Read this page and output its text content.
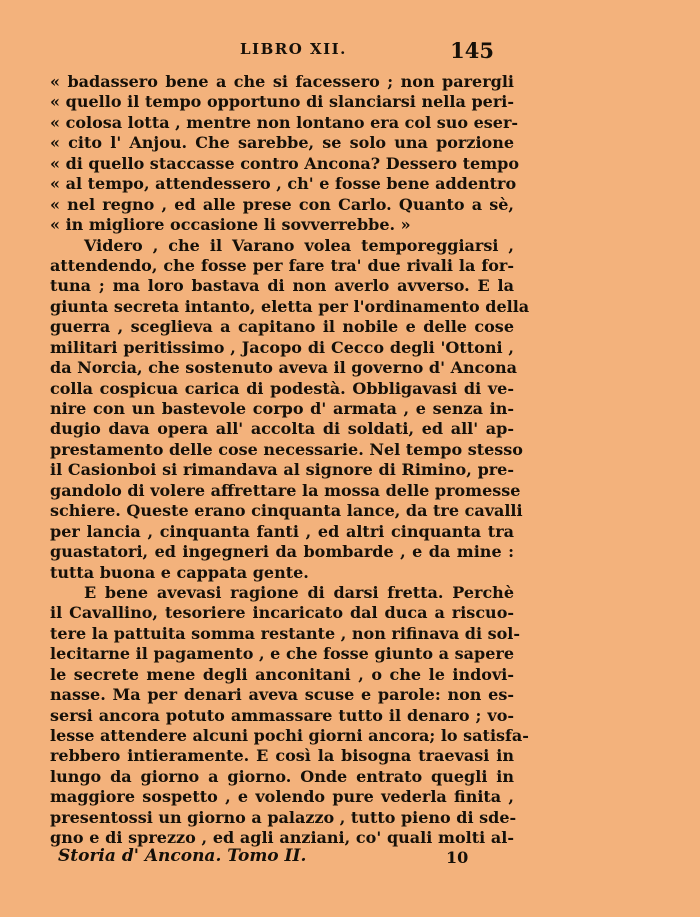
LIBRO XII.	145
« badassero bene a che si facessero ; non parergli
« quello il tempo opportuno di slanciarsi nella peri-
« colosa lotta , mentre non lontano era col suo eser-
« cito l' Anjou. Che sarebbe, se solo una porzione
« di quello staccasse contro Ancona? Dessero tempo
« al tempo, attendessero , ch' e fosse bene addentro
« nel regno , ed alle prese con Carlo. Quanto a sè,
« in migliore occasione li sovverrebbe. »
Videro , che il Varano volea temporeggiarsi ,
attendendo, che fosse per fare tra' due rivali la for-
tuna ; ma loro bastava di non averlo avverso. E la
giunta secreta intanto, eletta per l'ordinamento della
guerra , sceglieva a capitano il nobile e delle cose
militari peritissimo , Jacopo di Cecco degli 'Ottoni ,
da Norcia, che sostenuto aveva il governo d' Ancona
colla cospicua carica di podestà. Obbligavasi di ve-
nire con un bastevole corpo d' armata , e senza in-
dugio dava opera all' accolta di soldati, ed all' ap-
prestamento delle cose necessarie. Nel tempo stesso
il Casionboi si rimandava al signore di Rimino, pre-
gandolo di volere affrettare la mossa delle promesse
schiere. Queste erano cinquanta lance, da tre cavalli
per lancia , cinquanta fanti , ed altri cinquanta tra
guastatori, ed ingegneri da bombarde , e da mine :
tutta buona e cappata gente.
E bene avevasi ragione di darsi fretta. Perchè
il Cavallino, tesoriere incaricato dal duca a riscuo-
tere la pattuita somma restante , non rifinava di sol-
lecitarne il pagamento , e che fosse giunto a sapere
le secrete mene degli anconitani , o che le indovi-
nasse. Ma per denari aveva scuse e parole: non es-
sersi ancora potuto ammassare tutto il denaro ; vo-
lesse attendere alcuni pochi giorni ancora; lo satisfa-
rebbero intieramente. E così la bisogna traevasi in
lungo da giorno a giorno. Onde entrato quegli in
maggiore sospetto , e volendo pure vederla finita ,
presentossi un giorno a palazzo , tutto pieno di sde-
gno e di sprezzo , ed agli anziani, co' quali molti al-
Storia d' Ancona. Tomo II.	10
